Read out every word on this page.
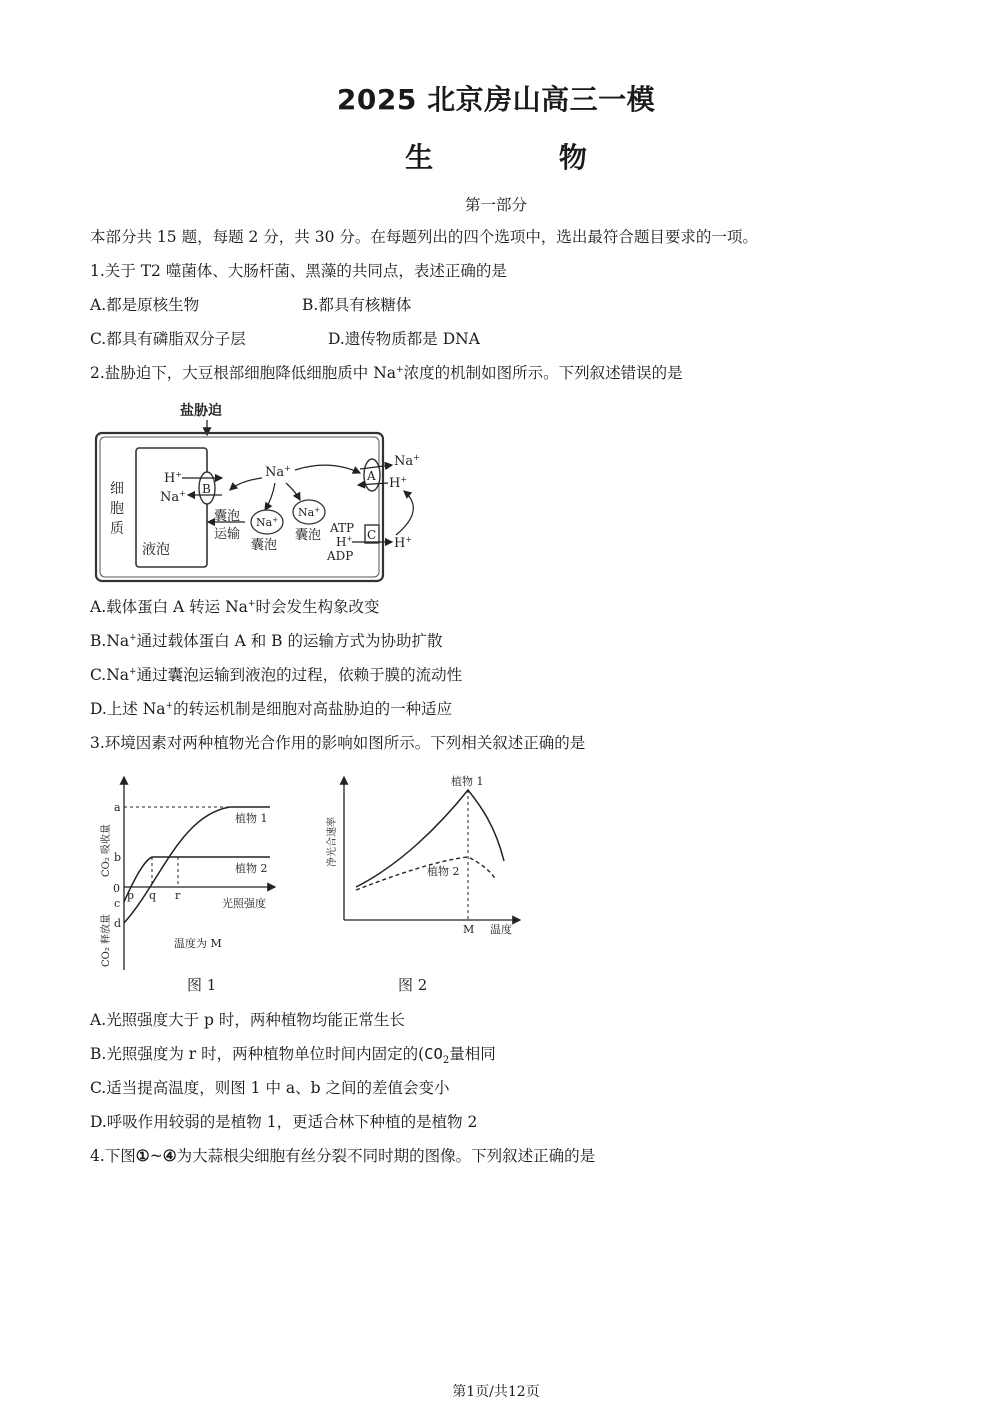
2025 北京房山高三一模
生 物
第一部分
本部分共 15 题，每题 2 分，共 30 分。在每题列出的四个选项中，选出最符合题目要求的一项。
1.关于 T2 噬菌体、大肠杆菌、黑藻的共同点，表述正确的是
A.都是原核生物	B.都具有核糖体
C.都具有磷脂双分子层	D.遗传物质都是 DNA
2.盐胁迫下，大豆根部细胞降低细胞质中 Na+浓度的机制如图所示。下列叙述错误的是
盐胁迫
细
胞
质
液泡
B
H+
Na+
Na+
囊泡
运输
Na+
囊泡
Na+
囊泡
A
Na+
H+
C
ATP
H+
ADP
H+
A.载体蛋白 A 转运 Na+时会发生构象改变
B.Na+通过载体蛋白 A 和 B 的运输方式为协助扩散
C.Na+通过囊泡运输到液泡的过程，依赖于膜的流动性
D.上述 Na+的转运机制是细胞对高盐胁迫的一种适应
3.环境因素对两种植物光合作用的影响如图所示。下列相关叙述正确的是
CO₂ 吸收量
CO₂ 释放量
a
b
0
c
d
植物 1
植物 2
p q r
光照强度
温度为 M
图 1
净光合速率
植物 1
植物 2
M 温度
图 2
A.光照强度大于 p 时，两种植物均能正常生长
B.光照强度为 r 时，两种植物单位时间内固定的($CO_2$量相同
C.适当提高温度，则图 1 中 a、b 之间的差值会变小
D.呼吸作用较弱的是植物 1，更适合林下种植的是植物 2
4.下图①~④为大蒜根尖细胞有丝分裂不同时期的图像。下列叙述正确的是
第1页/共12页
